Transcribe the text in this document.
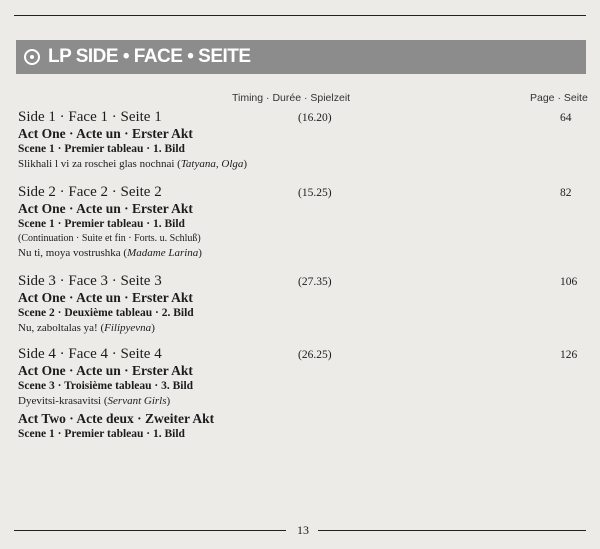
LP SIDE • FACE • SEITE
Timing · Durée · Spielzeit	Page · Seite
Side 1 · Face 1 · Seite 1
Act One · Acte un · Erster Akt
Scene 1 · Premier tableau · 1. Bild
Slikhali l vi za roschei glas nochnai (Tatyana, Olga)
(16.20)	64
Side 2 · Face 2 · Seite 2
Act One · Acte un · Erster Akt
Scene 1 · Premier tableau · 1. Bild
(Continuation · Suite et fin · Forts. u. Schluß)
Nu ti, moya vostrushka (Madame Larina)
(15.25)	82
Side 3 · Face 3 · Seite 3
Act One · Acte un · Erster Akt
Scene 2 · Deuxième tableau · 2. Bild
Nu, zaboltalas ya! (Filipyevna)
(27.35)	106
Side 4 · Face 4 · Seite 4
Act One · Acte un · Erster Akt
Scene 3 · Troisième tableau · 3. Bild
Dyevitsi-krasavitsi (Servant Girls)
Act Two · Acte deux · Zweiter Akt
Scene 1 · Premier tableau · 1. Bild
(26.25)	126
13
